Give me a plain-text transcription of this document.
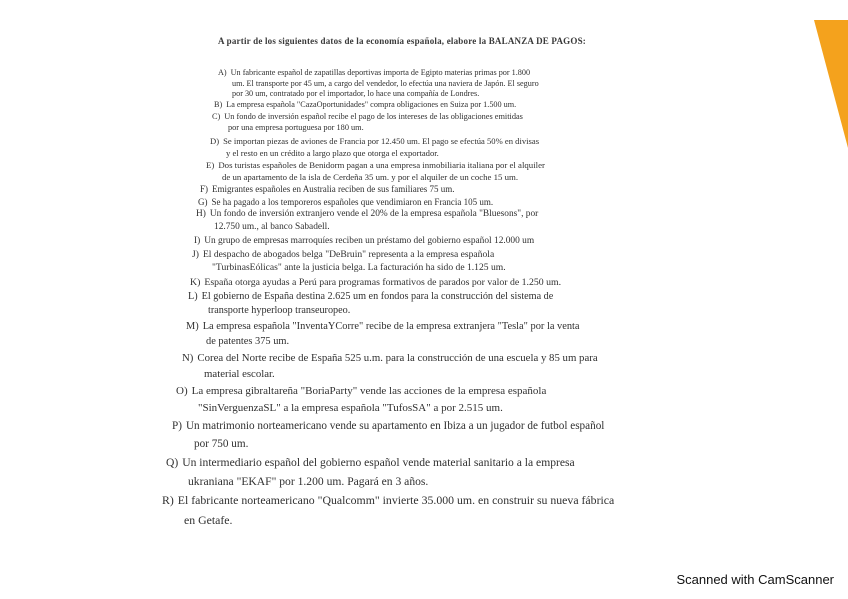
A partir de los siguientes datos de la economía española, elabore la BALANZA DE PAGOS:
A) Un fabricante español de zapatillas deportivas importa de Egipto materias primas por 1.800
um. El transporte por 45 um, a cargo del vendedor, lo efectúa una naviera de Japón. El seguro
por 30 um, contratado por el importador, lo hace una compañía de Londres.
B) La empresa española "CazaOportunidades" compra obligaciones en Suiza por 1.500 um.
C) Un fondo de inversión español recibe el pago de los intereses de las obligaciones emitidas
por una empresa portuguesa por 180 um.
D) Se importan piezas de aviones de Francia por 12.450 um. El pago se efectúa 50% en divisas
y el resto en un crédito a largo plazo que otorga el exportador.
E) Dos turistas españoles de Benidorm pagan a una empresa inmobiliaria italiana por el alquiler
de un apartamento de la isla de Cerdeña 35 um. y por el alquiler de un coche 15 um.
F) Emigrantes españoles en Australia reciben de sus familiares 75 um.
G) Se ha pagado a los temporeros españoles que vendimiaron en Francia 105 um.
H) Un fondo de inversión extranjero vende el 20% de la empresa española "Bluesons", por
12.750 um., al banco Sabadell.
I) Un grupo de empresas marroquíes reciben un préstamo del gobierno español 12.000 um
J) El despacho de abogados belga "DeBruin" representa a la empresa española
"TurbinasEólicas" ante la justicia belga. La facturación ha sido de 1.125 um.
K) España otorga ayudas a Perú para programas formativos de parados por valor de 1.250 um.
L) El gobierno de España destina 2.625 um en fondos para la construcción del sistema de
transporte hyperloop transeuropeo.
M) La empresa española "InventaYCorre" recibe de la empresa extranjera "Tesla" por la venta
de patentes 375 um.
N) Corea del Norte recibe de España 525 u.m. para la construcción de una escuela y 85 um para
material escolar.
O) La empresa gibraltareña "BoriaParty" vende las acciones de la empresa española
"SinVerguenzaSL" a la empresa española "TufosSA" a por 2.515 um.
P) Un matrimonio norteamericano vende su apartamento en Ibiza a un jugador de futbol español
por 750 um.
Q) Un intermediario español del gobierno español vende material sanitario a la empresa
ukraniana "EKAF" por 1.200 um. Pagará en 3 años.
R) El fabricante norteamericano "Qualcomm" invierte 35.000 um. en construir su nueva fábrica
en Getafe.
Scanned with CamScanner
